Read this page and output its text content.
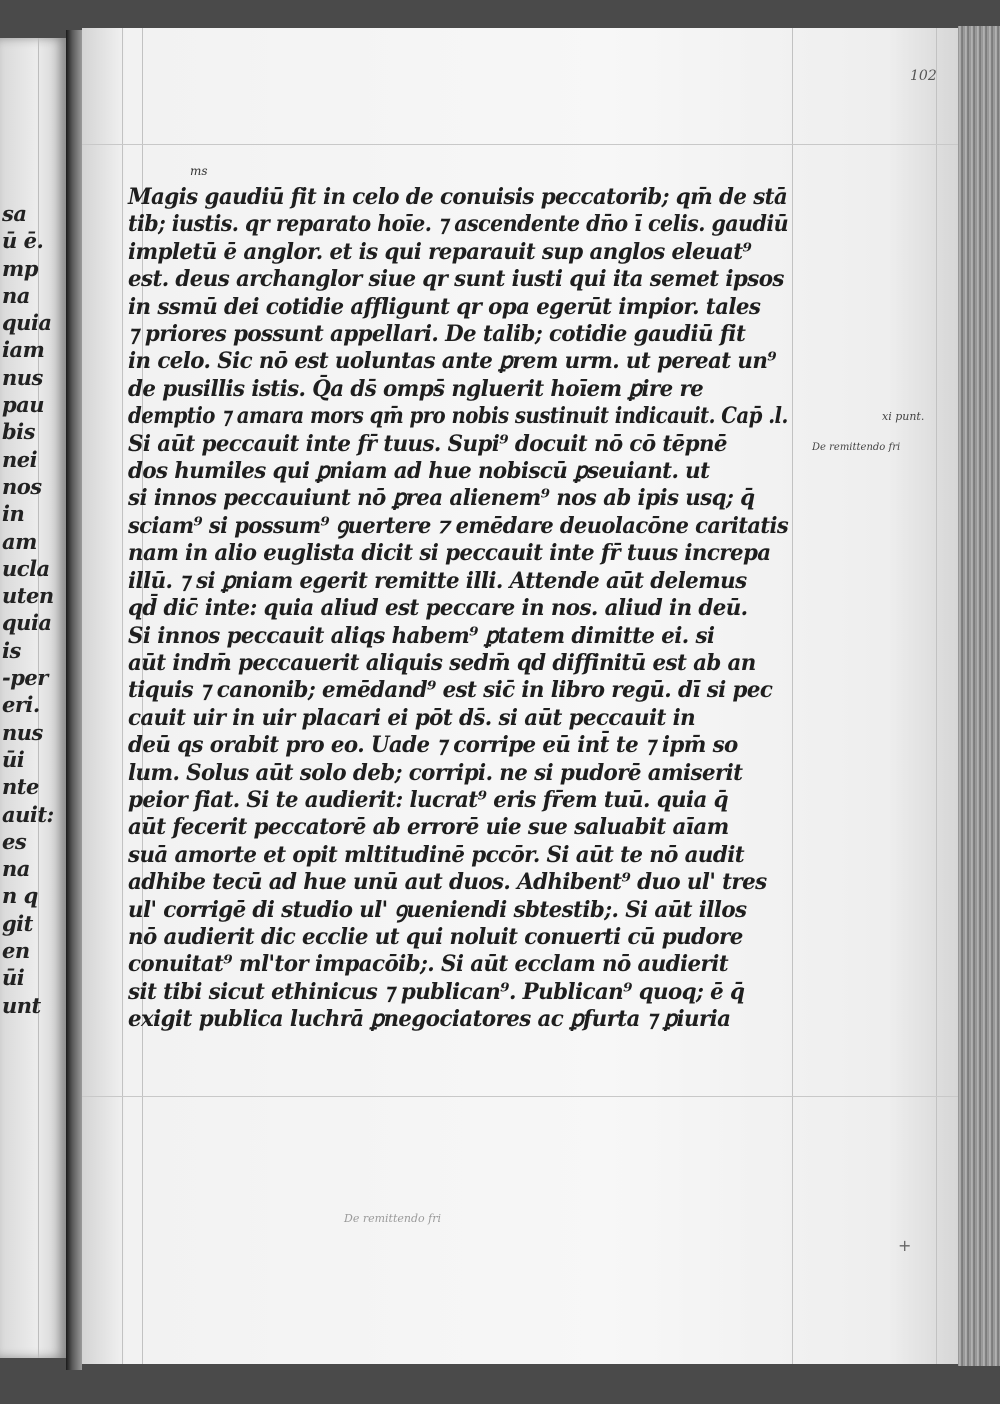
sa
ū ē.
mp
na
quia
iam
nus
pau
bis
nei
nos
in
am
ucla
uten
quia
is
-per
eri.
nus
ūi
nte
auit:
es
na
n q
git
en
ūi
unt
102
ms
Magis gaudiū fit in celo de conuisis peccatorib; qm̄ de stā
tib; iustis. qr reparato hoīe. ⁊ ascendente dn̄o ī celis. gaudiū
impletū ē anglor. et is qui reparauit sup anglos eleuat⁹
est. deus archanglor siue qr sunt iusti qui ita semet ipsos
in ssmū dei cotidie affligunt qr opa egerūt impior. tales
⁊ priores possunt appellari. De talib; cotidie gaudiū fit
in celo. Sic nō est uoluntas ante ꝑrem urm. ut pereat un⁹
de pusillis istis. Q̄a ds̄ omps̄ ngluerit hoīem ꝑire re
demptio ⁊ amara mors qm̄ pro nobis sustinuit indicauit. Cap̄ .l.
Si aūt peccauit inte fr̄ tuus. Supi⁹ docuit nō cō tēpnē
dos humiles qui ꝑniam ad hue nobiscū ꝑseuiant. ut
si innos peccauiunt nō ꝑrea alienem⁹ nos ab ipis usq; q̄
sciam⁹ si possum⁹ ꝯuertere ⁊ emēdare deuolacōne caritatis
nam in alio euglista dicit si peccauit inte fr̄ tuus increpa
illū. ⁊ si ꝑniam egerit remitte illi. Attende aūt delemus
qd̄ dic̄ inte: quia aliud est peccare in nos. aliud in deū.
Si innos peccauit aliqs habem⁹ ꝑtatem dimitte ei. si
aūt indm̄ peccauerit aliquis sedm̄ qd diffinitū est ab an
tiquis ⁊ canonib; emēdand⁹ est sic̄ in libro regū. dī si pec
cauit uir in uir placari ei pōt ds̄. si aūt peccauit in
deū qs orabit pro eo. Uade ⁊ corripe eū int̄ te ⁊ ipm̄ so
lum. Solus aūt solo deb; corripi. ne si pudorē amiserit
peior fiat. Si te audierit: lucrat⁹ eris fr̄em tuū. quia q̄
aūt fecerit peccatorē ab errorē uie sue saluabit aīam
suā amorte et opit mltitudinē pccōr. Si aūt te nō audit
adhibe tecū ad hue unū aut duos. Adhibent⁹ duo ul' tres
ul' corrigē di studio ul' ꝯueniendi sbtestib;. Si aūt illos
nō audierit dic ecclie ut qui noluit conuerti cū pudore
conuitat⁹ ml'tor impacōib;. Si aūt ecclam nō audierit
sit tibi sicut ethinicus ⁊ publican⁹. Publican⁹ quoq; ē q̄
exigit publica luchrā ꝑnegociatores ac ꝑfurta ⁊ ꝑiuria
xi punt.
De remittendo fri
De remittendo fri
+
